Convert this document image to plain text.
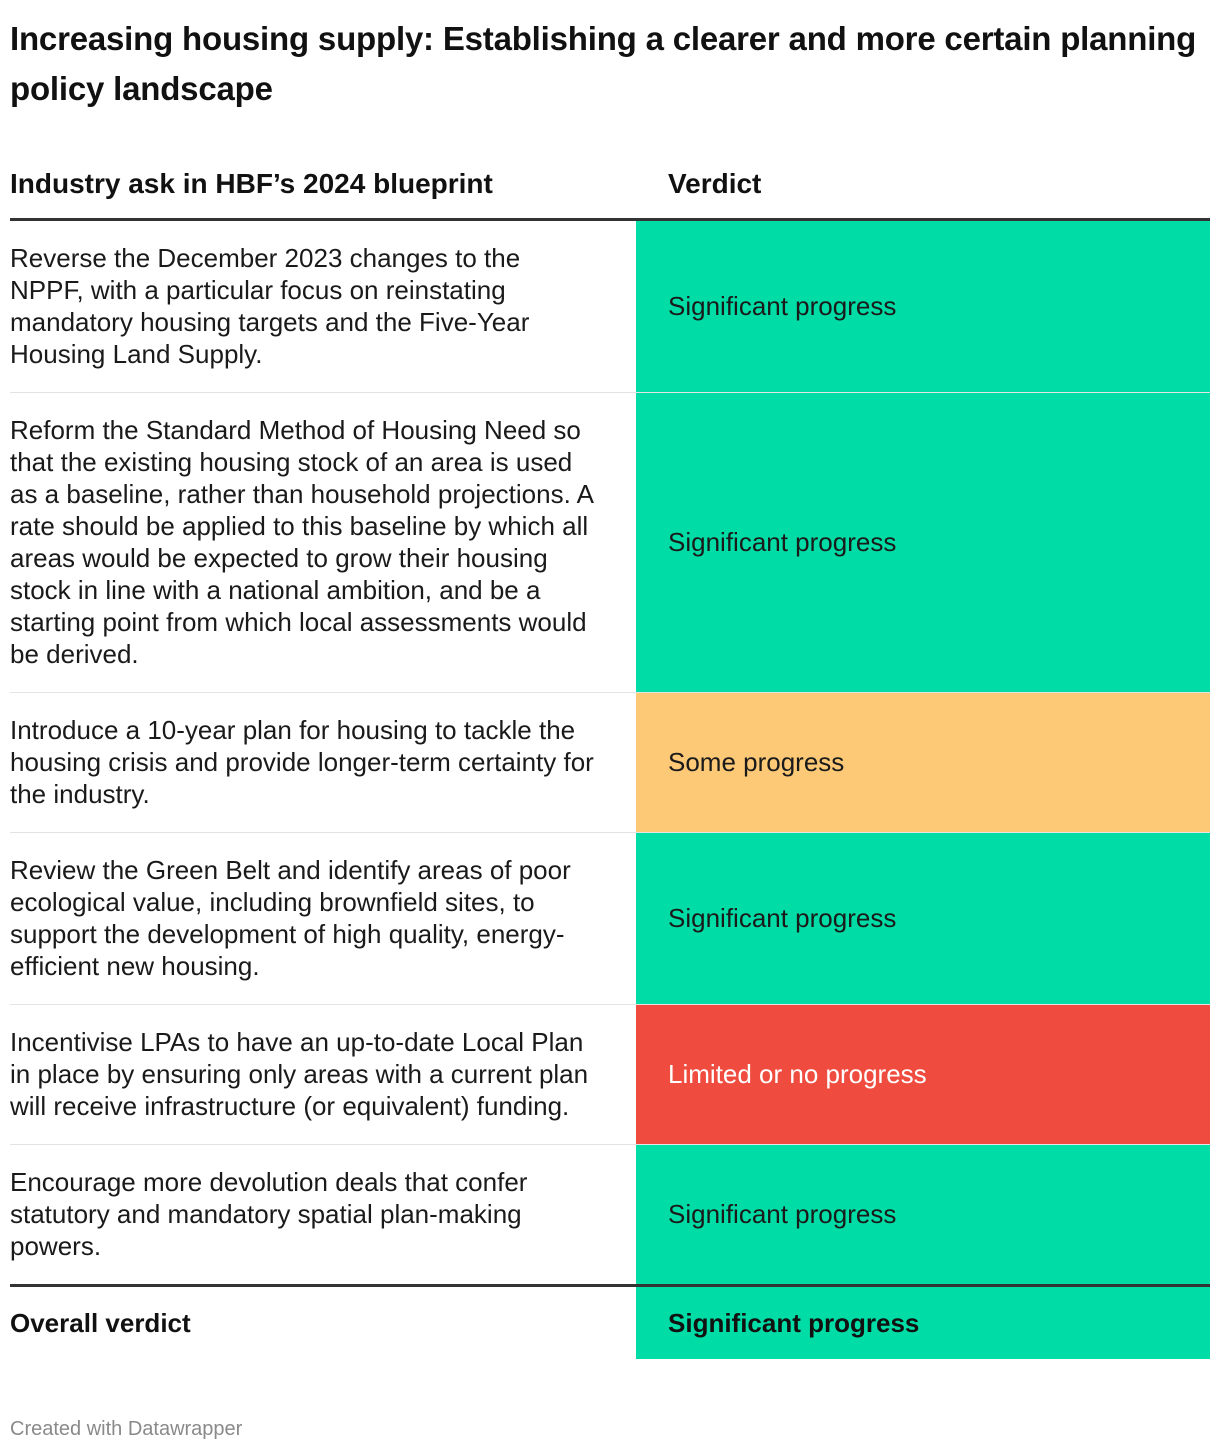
Increasing housing supply: Establishing a clearer and more certain planning policy landscape
Industry ask in HBF’s 2024 blueprint	Verdict
Reverse the December 2023 changes to the NPPF, with a particular focus on reinstating mandatory housing targets and the Five-Year Housing Land Supply.
Significant progress
Reform the Standard Method of Housing Need so that the existing housing stock of an area is used as a baseline, rather than household projections. A rate should be applied to this baseline by which all areas would be expected to grow their housing stock in line with a national ambition, and be a starting point from which local assessments would be derived.
Significant progress
Introduce a 10-year plan for housing to tackle the housing crisis and provide longer-term certainty for the industry.
Some progress
Review the Green Belt and identify areas of poor ecological value, including brownfield sites, to support the development of high quality, energy-efficient new housing.
Significant progress
Incentivise LPAs to have an up-to-date Local Plan in place by ensuring only areas with a current plan will receive infrastructure (or equivalent) funding.
Limited or no progress
Encourage more devolution deals that confer statutory and mandatory spatial plan-making powers.
Significant progress
Overall verdict	Significant progress
Created with Datawrapper
